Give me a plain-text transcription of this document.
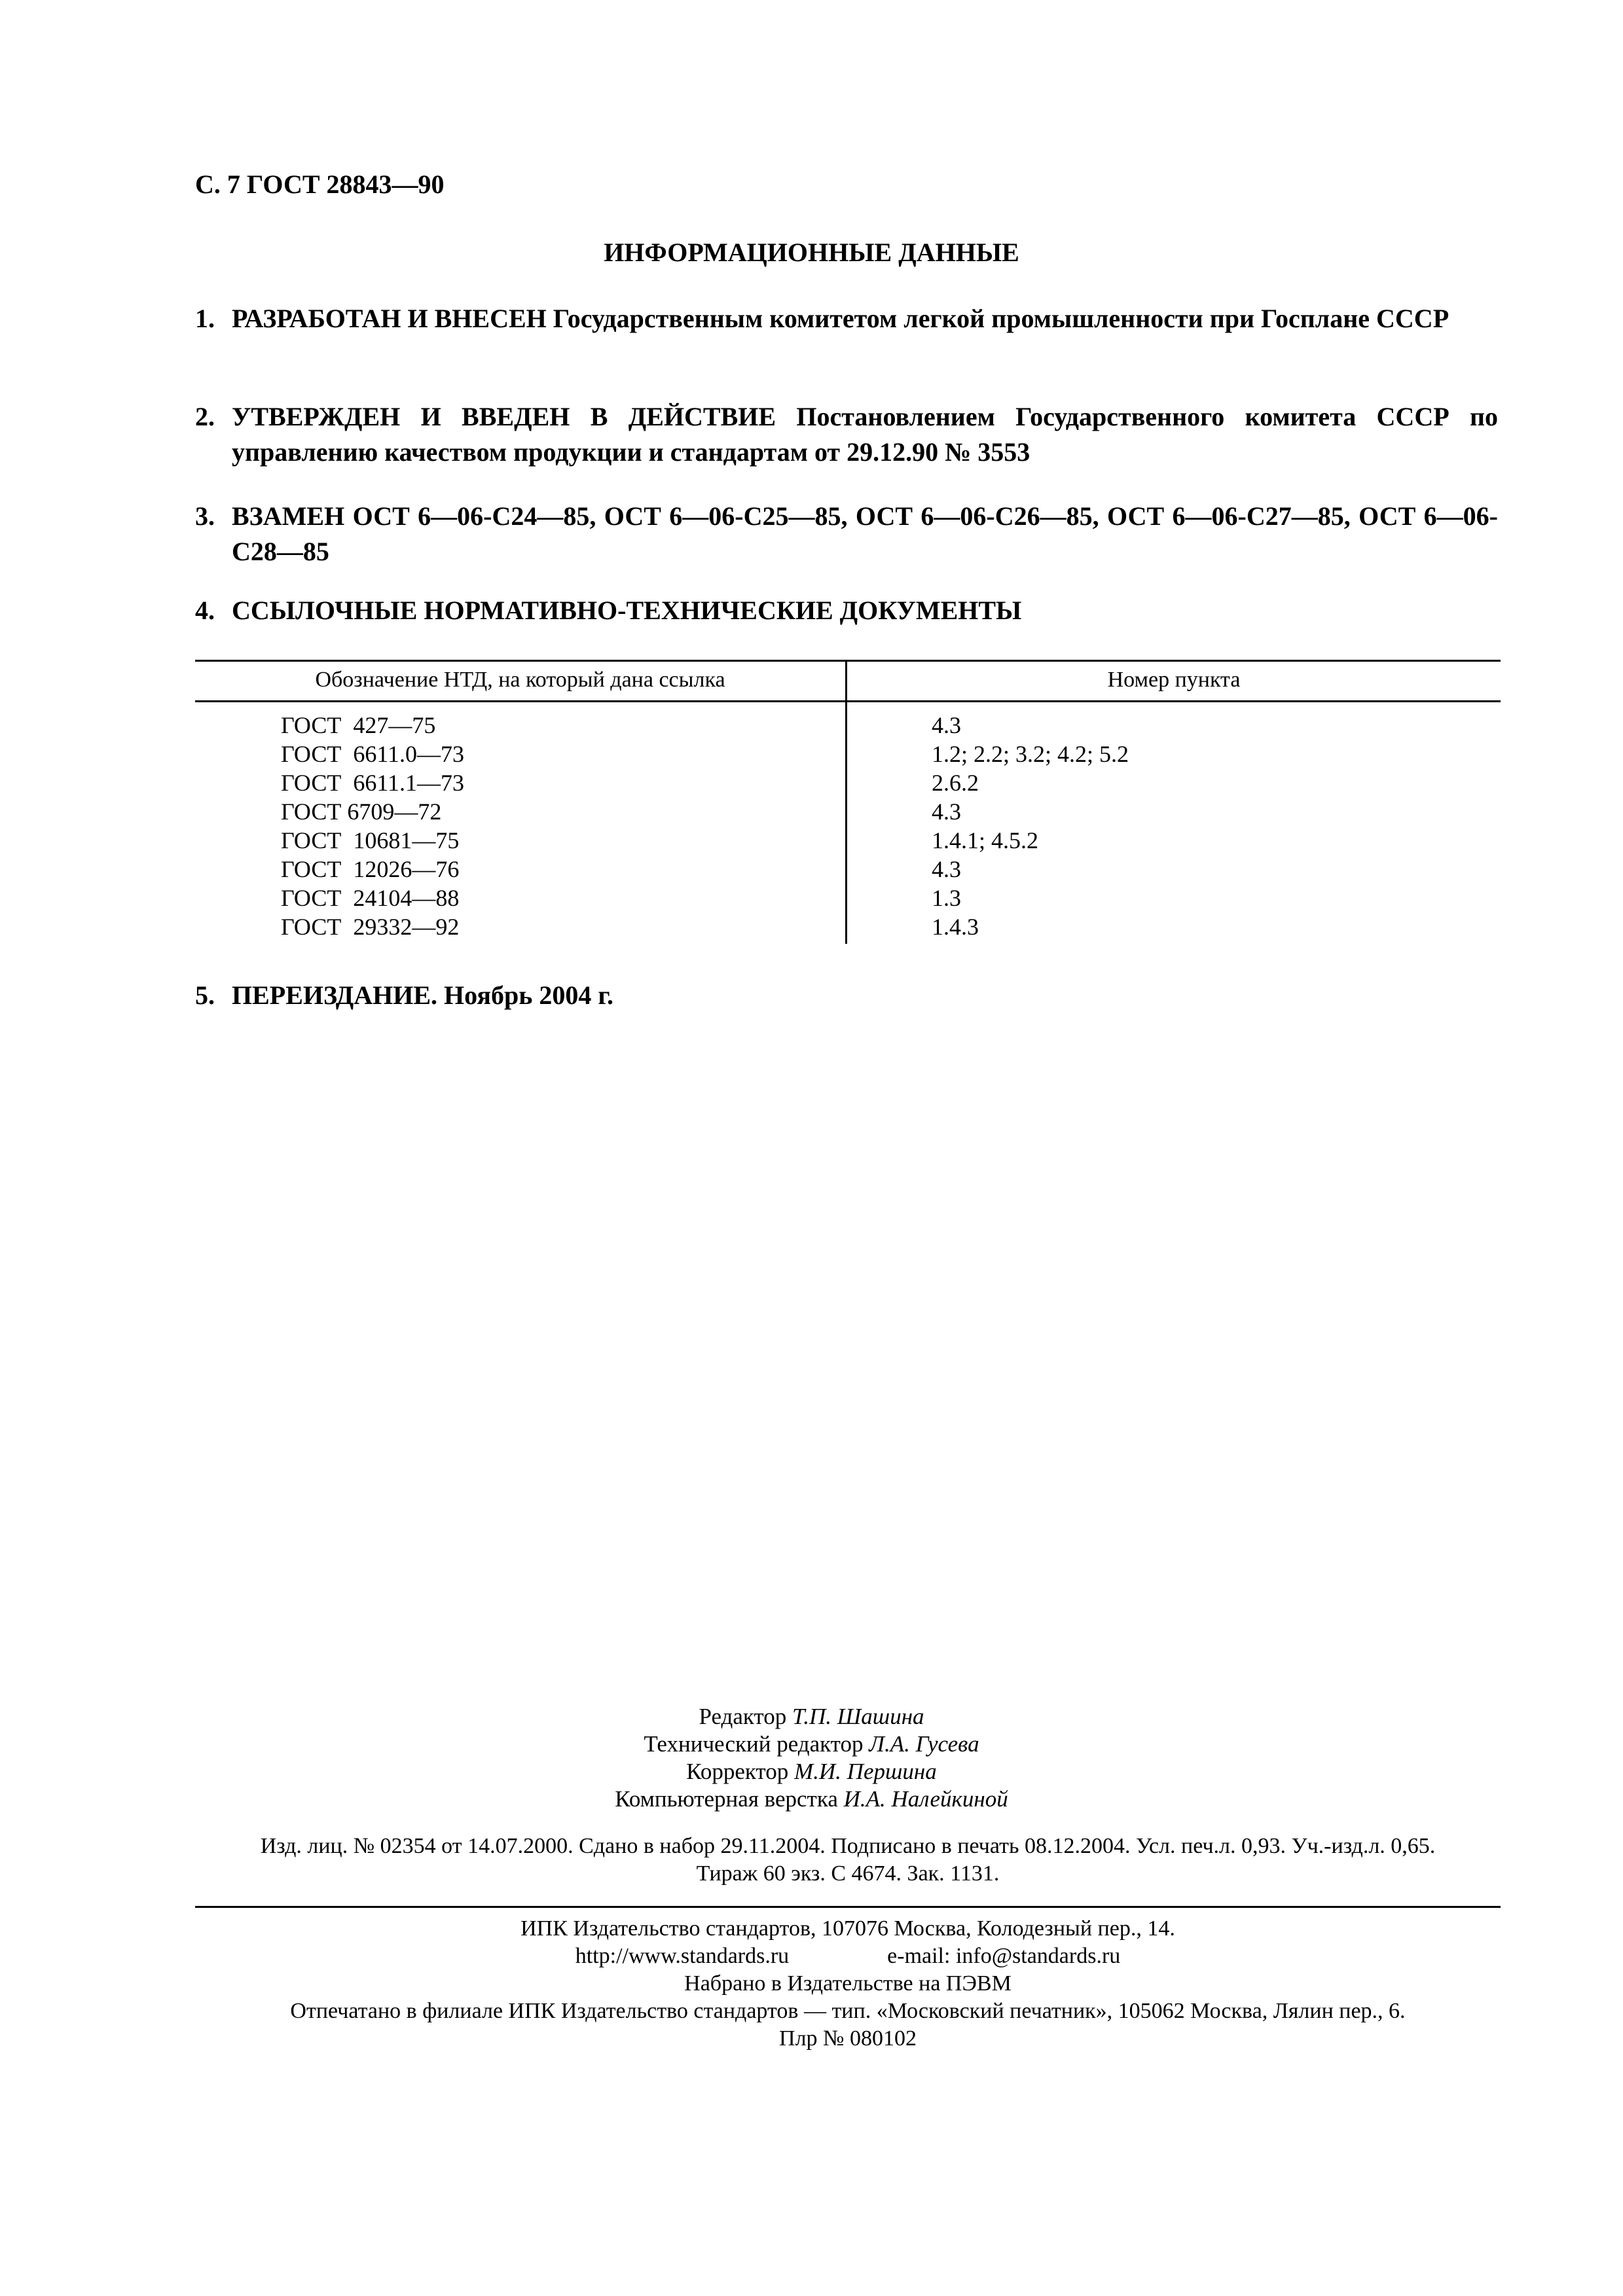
С. 7 ГОСТ 28843—90
ИНФОРМАЦИОННЫЕ ДАННЫЕ
1. РАЗРАБОТАН И ВНЕСЕН Государственным комитетом легкой промышленности при Госплане СССР
2. УТВЕРЖДЕН И ВВЕДЕН В ДЕЙСТВИЕ Постановлением Государственного комитета СССР по управлению качеством продукции и стандартам от 29.12.90 № 3553
3. ВЗАМЕН ОСТ 6—06-С24—85, ОСТ 6—06-С25—85, ОСТ 6—06-С26—85, ОСТ 6—06-С27—85, ОСТ 6—06-С28—85
4. ССЫЛОЧНЫЕ НОРМАТИВНО-ТЕХНИЧЕСКИЕ ДОКУМЕНТЫ
Обозначение НТД, на который дана ссылка	Номер пункта
ГОСТ  427—75	4.3
ГОСТ  6611.0—73	1.2; 2.2; 3.2; 4.2; 5.2
ГОСТ  6611.1—73	2.6.2
ГОСТ 6709—72	4.3
ГОСТ  10681—75	1.4.1; 4.5.2
ГОСТ  12026—76	4.3
ГОСТ  24104—88	1.3
ГОСТ  29332—92	1.4.3
5. ПЕРЕИЗДАНИЕ. Ноябрь 2004 г.
Редактор Т.П. Шашина
Технический редактор Л.А. Гусева
Корректор М.И. Першина
Компьютерная верстка И.А. Налейкиной
Изд. лиц. № 02354 от 14.07.2000. Сдано в набор 29.11.2004. Подписано в печать 08.12.2004. Усл. печ.л. 0,93. Уч.-изд.л. 0,65.
Тираж 60 экз. С 4674. Зак. 1131.
ИПК Издательство стандартов, 107076 Москва, Колодезный пер., 14.
http://www.standards.ru	e-mail: info@standards.ru
Набрано в Издательстве на ПЭВМ
Отпечатано в филиале ИПК Издательство стандартов — тип. «Московский печатник», 105062 Москва, Лялин пер., 6.
Плр № 080102
